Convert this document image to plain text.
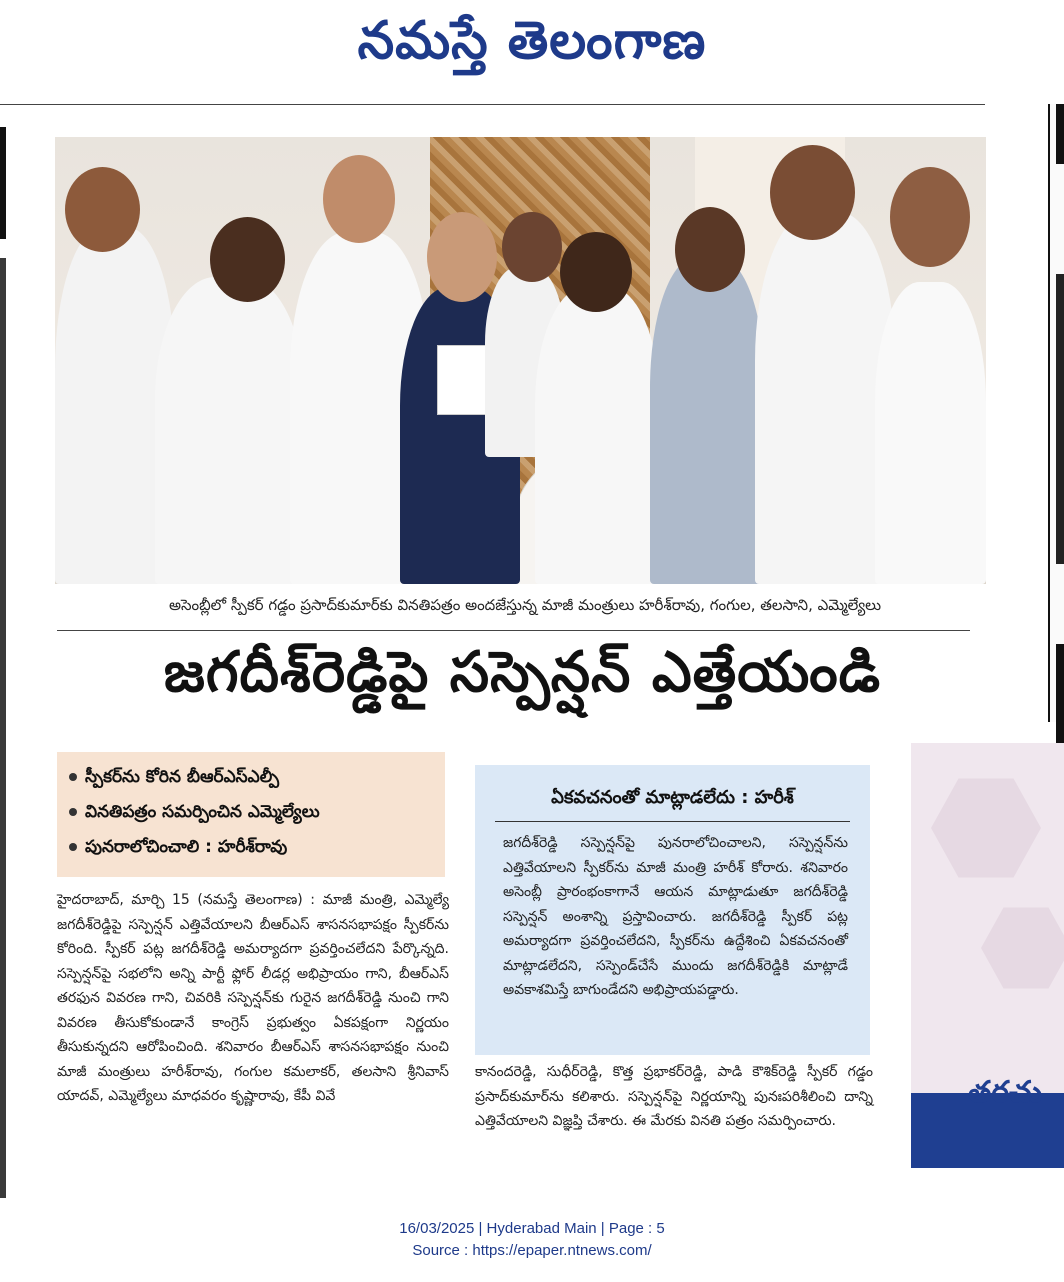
నమస్తే తెలంగాణ
అసెంబ్లీలో స్పీకర్ గడ్డం ప్రసాద్‌కుమార్‌కు వినతిపత్రం అందజేస్తున్న మాజీ మంత్రులు హరీశ్‌రావు, గంగుల, తలసాని, ఎమ్మెల్యేలు
జగదీశ్‌రెడ్డిపై సస్పెన్షన్ ఎత్తేయండి
స్పీకర్‌ను కోరిన బీఆర్‌ఎస్‌ఎల్పీ
వినతిపత్రం సమర్పించిన ఎమ్మెల్యేలు
పునరాలోచించాలి : హరీశ్‌రావు
హైదరాబాద్, మార్చి 15 (నమస్తే తెలంగాణ) : మాజీ మంత్రి, ఎమ్మెల్యే జగదీశ్‌రెడ్డిపై సస్పెన్షన్ ఎత్తివేయాలని బీఆర్‌ఎస్ శాసనసభాపక్షం స్పీకర్‌ను కోరింది. స్పీకర్ పట్ల జగదీశ్‌రెడ్డి అమర్యాదగా ప్రవర్తించలేదని పేర్కొన్నది. సస్పెన్షన్‌పై సభలోని అన్ని పార్టీ ఫ్లోర్ లీడర్ల అభిప్రాయం గాని, బీఆర్‌ఎస్ తరఫున వివరణ గాని, చివరికి సస్పెన్షన్‌కు గురైన జగదీశ్‌రెడ్డి నుంచి గాని వివరణ తీసుకోకుండానే కాంగ్రెస్ ప్రభుత్వం ఏకపక్షంగా నిర్ణయం తీసుకున్నదని ఆరోపించింది. శనివారం బీఆర్‌ఎస్ శాసనసభాపక్షం నుంచి మాజీ మంత్రులు హరీశ్‌రావు, గంగుల కమలాకర్, తలసాని శ్రీనివాస్ యాదవ్, ఎమ్మెల్యేలు మాధవరం కృష్ణారావు, కేపీ వివే
ఏకవచనంతో మాట్లాడలేదు : హరీశ్
జగదీశ్‌రెడ్డి సస్పెన్షన్‌పై పునరాలోచించాలని, సస్పెన్షన్‌ను ఎత్తివేయాలని స్పీకర్‌ను మాజీ మంత్రి హరీశ్ కోరారు. శనివారం అసెంబ్లీ ప్రారంభంకాగానే ఆయన మాట్లాడుతూ జగదీశ్‌రెడ్డి సస్పెన్షన్ అంశాన్ని ప్రస్తావించారు. జగదీశ్‌రెడ్డి స్పీకర్ పట్ల అమర్యాదగా ప్రవర్తించలేదని, స్పీకర్‌ను ఉద్దేశించి ఏకవచనంతో మాట్లాడలేదని, సస్పెండ్‌చేసే ముందు జగదీశ్‌రెడ్డికి మాట్లాడే అవకాశమిస్తే బాగుండేదని అభిప్రాయపడ్డారు.
కానందరెడ్డి, సుధీర్‌రెడ్డి, కొత్త ప్రభాకర్‌రెడ్డి, పాడి కౌశిక్‌రెడ్డి స్పీకర్ గడ్డం ప్రసాద్‌కుమార్‌ను కలిశారు. సస్పెన్షన్‌పై నిర్ణయాన్ని పునఃపరిశీలించి దాన్ని ఎత్తివేయాలని విజ్ఞప్తి చేశారు. ఈ మేరకు వినతి పత్రం సమర్పించారు.
తరచు
16/03/2025 | Hyderabad Main | Page : 5
Source : https://epaper.ntnews.com/
